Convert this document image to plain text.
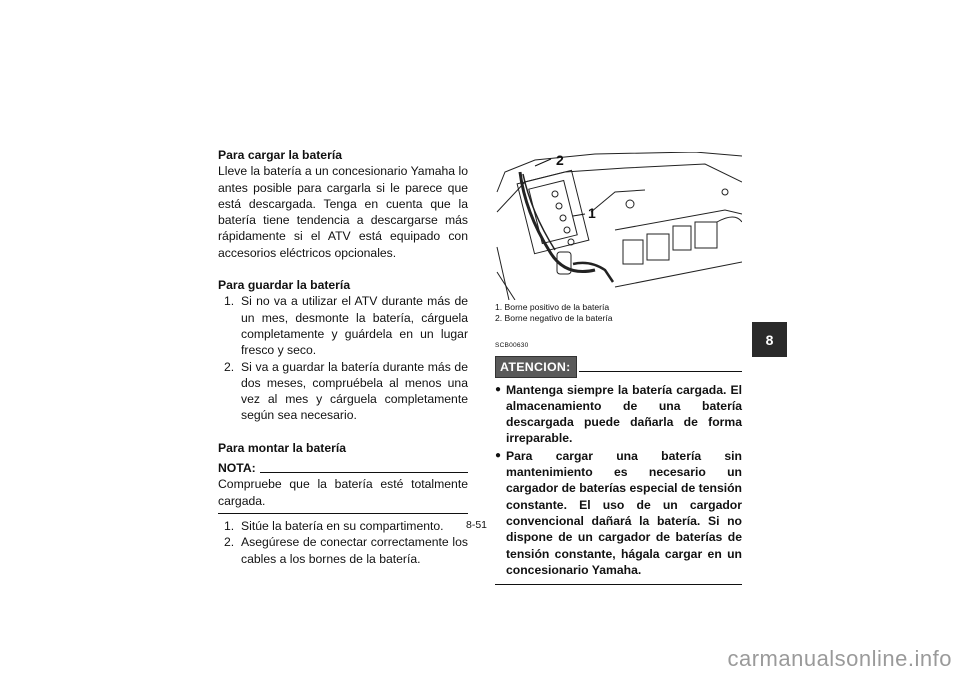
Para cargar la batería
Lleve la batería a un concesionario Yamaha lo antes posible para cargarla si le parece que está descargada. Tenga en cuenta que la batería tiene tendencia a descargarse más rápidamente si el ATV está equipado con accesorios eléctricos opcionales.
Para guardar la batería
1. Si no va a utilizar el ATV durante más de un mes, desmonte la batería, cárguela completamente y guárdela en un lugar fresco y seco.
2. Si va a guardar la batería durante más de dos meses, compruébela al menos una vez al mes y cárguela completamente según sea necesario.
Para montar la batería
NOTA:
Compruebe que la batería esté totalmente cargada.
1. Sitúe la batería en su compartimento.
2. Asegúrese de conectar correctamente los cables a los bornes de la batería.
2
1
1. Borne positivo de la batería
2. Borne negativo de la batería
SCB00630
ATENCION:
● Mantenga siempre la batería cargada. El almacenamiento de una batería descargada puede dañarla de forma irreparable.
● Para cargar una batería sin mantenimiento es necesario un cargador de baterías especial de tensión constante. El uso de un cargador convencional dañará la batería. Si no dispone de un cargador de baterías de tensión constante, hágala cargar en un concesionario Yamaha.
8
8-51
carmanualsonline.info
